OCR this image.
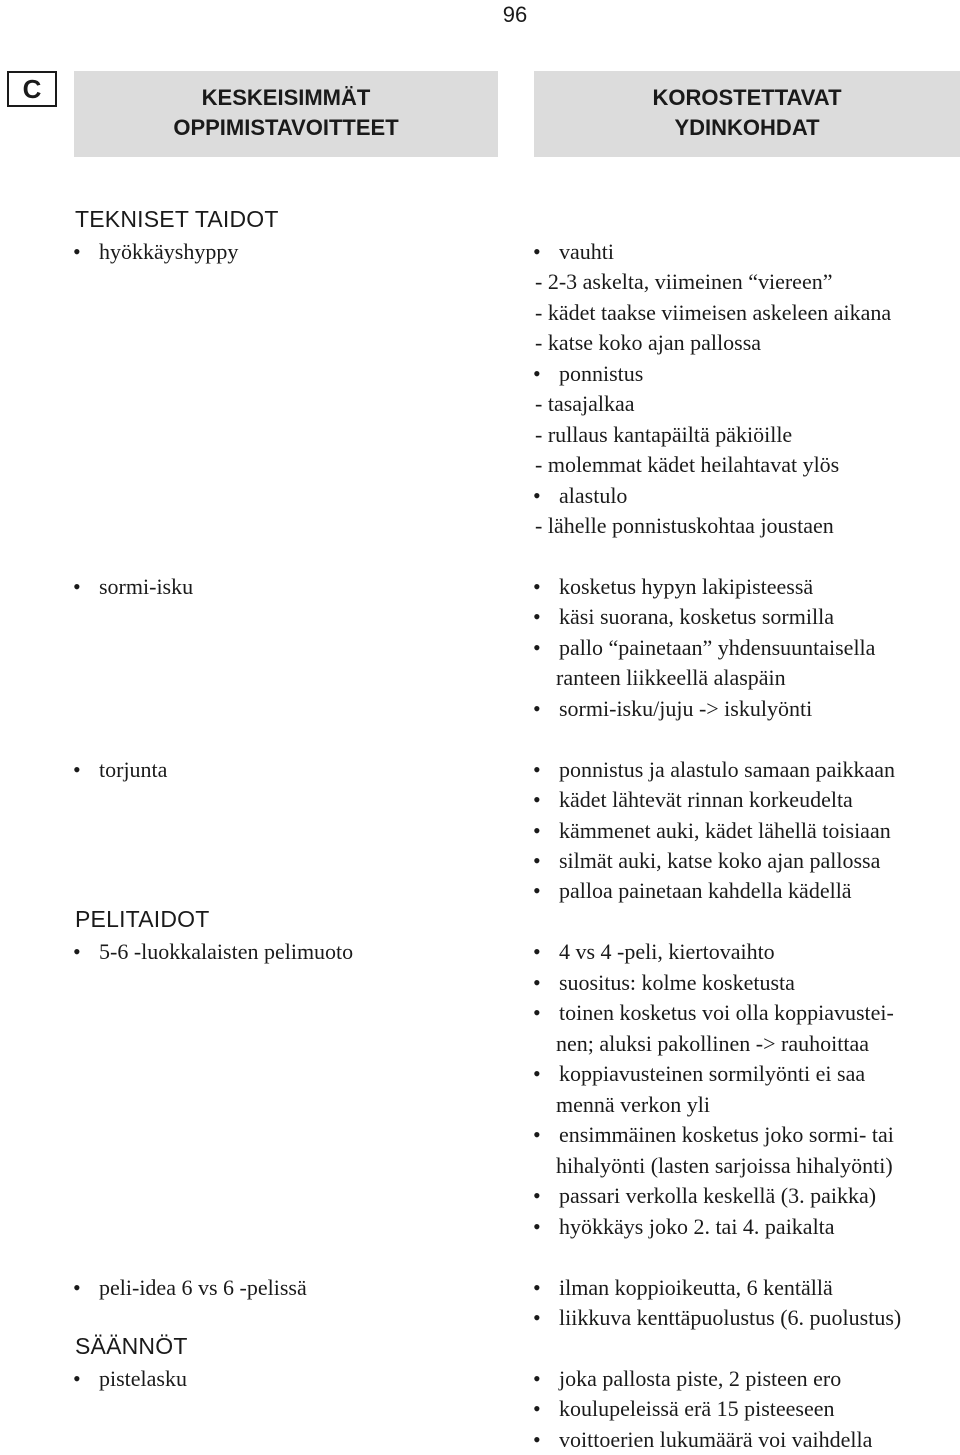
96
C	KESKEISIMMÄT
OPPIMISTAVOITTEET
KOROSTETTAVAT
YDINKOHDAT
TEKNISET TAIDOT
• hyökkäyshyppy
• sormi-isku
• torjunta
PELITAIDOT
• 5-6 -luokkalaisten pelimuoto
• peli-idea 6 vs 6 -pelissä
SÄÄNNÖT
• pistelasku
• vauhti
- 2-3 askelta, viimeinen “viereen”
- kädet taakse viimeisen askeleen aikana
- katse koko ajan pallossa
• ponnistus
- tasajalkaa
- rullaus kantapäiltä päkiöille
- molemmat kädet heilahtavat ylös
• alastulo
- lähelle ponnistuskohtaa joustaen
• kosketus hypyn lakipisteessä
• käsi suorana, kosketus sormilla
• pallo “painetaan” yhdensuuntaisella
ranteen liikkeellä alaspäin
• sormi-isku/juju -> iskulyönti
• ponnistus ja alastulo samaan paikkaan
• kädet lähtevät rinnan korkeudelta
• kämmenet auki, kädet lähellä toisiaan
• silmät auki, katse koko ajan pallossa
• palloa painetaan kahdella kädellä
• 4 vs 4 -peli, kiertovaihto
• suositus: kolme kosketusta
• toinen kosketus voi olla koppiavustei-
nen; aluksi pakollinen -> rauhoittaa
• koppiavusteinen sormilyönti ei saa
mennä verkon yli
• ensimmäinen kosketus joko sormi- tai
hihalyönti (lasten sarjoissa hihalyönti)
• passari verkolla keskellä (3. paikka)
• hyökkäys joko 2. tai 4. paikalta
• ilman koppioikeutta, 6 kentällä
• liikkuva kenttäpuolustus (6. puolustus)
• joka pallosta piste, 2 pisteen ero
• koulupeleissä erä 15 pisteeseen
• voittoerien lukumäärä voi vaihdella
